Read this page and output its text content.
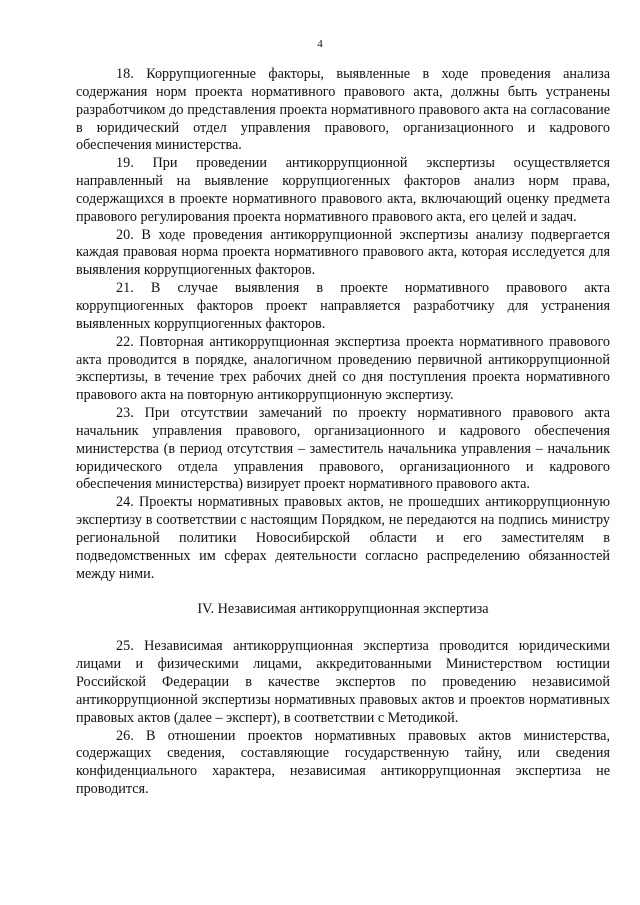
4

18. Коррупциогенные факторы, выявленные в ходе проведения анализа содержания норм проекта нормативного правового акта, должны быть устранены разработчиком до представления проекта нормативного правового акта на согласование в юридический отдел управления правового, организационного и кадрового обеспечения министерства.

19. При проведении антикоррупционной экспертизы осуществляется направленный на выявление коррупциогенных факторов анализ норм права, содержащихся в проекте нормативного правового акта, включающий оценку предмета правового регулирования проекта нормативного правового акта, его целей и задач.

20. В ходе проведения антикоррупционной экспертизы анализу подвергается каждая правовая норма проекта нормативного правового акта, которая исследуется для выявления коррупциогенных факторов.

21. В случае выявления в проекте нормативного правового акта коррупциогенных факторов проект направляется разработчику для устранения выявленных коррупциогенных факторов.

22. Повторная антикоррупционная экспертиза проекта нормативного правового акта проводится в порядке, аналогичном проведению первичной антикоррупционной экспертизы, в течение трех рабочих дней со дня поступления проекта нормативного правового акта на повторную антикоррупционную экспертизу.

23. При отсутствии замечаний по проекту нормативного правового акта начальник управления правового, организационного и кадрового обеспечения министерства (в период отсутствия – заместитель начальника управления – начальник юридического отдела управления правового, организационного и кадрового обеспечения министерства) визирует проект нормативного правового акта.

24. Проекты нормативных правовых актов, не прошедших антикоррупционную экспертизу в соответствии с настоящим Порядком, не передаются на подпись министру региональной политики Новосибирской области и его заместителям в подведомственных им сферах деятельности согласно распределению обязанностей между ними.

IV. Независимая антикоррупционная экспертиза

25. Независимая антикоррупционная экспертиза проводится юридическими лицами и физическими лицами, аккредитованными Министерством юстиции Российской Федерации в качестве экспертов по проведению независимой антикоррупционной экспертизы нормативных правовых актов и проектов нормативных правовых актов (далее – эксперт), в соответствии с Методикой.

26. В отношении проектов нормативных правовых актов министерства, содержащих сведения, составляющие государственную тайну, или сведения конфиденциального характера, независимая антикоррупционная экспертиза не проводится.
